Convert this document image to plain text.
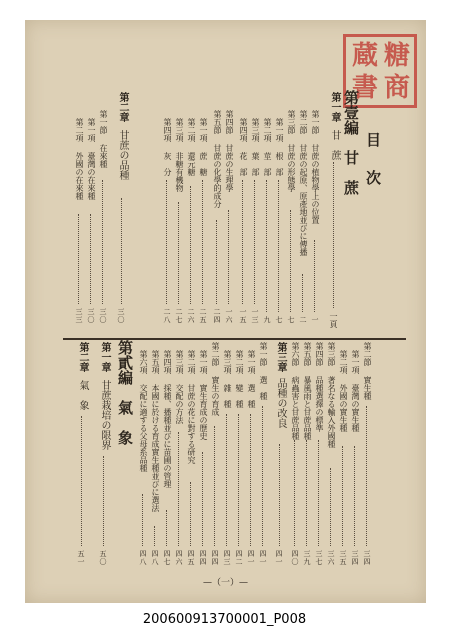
糖
商
蔵
書
目　次
第壹編　甘　蔗
第一章
甘　蔗
一頁
第一節
甘蔗の植物學上の位置
一
第二節
甘蔗の起原、原產地並びに傳播
二
第三節
甘蔗の形態學
七
第一項
根　部
七
第二項
莖　部
九
第三項
葉　部
一三
第四項
花　部
一五
第四節
甘蔗の生理學
一六
第五節
甘蔗の化學的成分
二四
第一項
蔗　糖
二五
第二項
還元糖
二六
第三項
非糖有機物
二七
第四項
灰　分
二八
第二章
甘蔗の品種
三〇
第一節
在來種
三〇
第一項
臺灣の在來種
三〇
第二項
外國の在來種
三三
第二節
實生種
三四
第一項
臺灣の實生種
三四
第二項
外國の實生種
三五
第三節
著名なる輸入外國種
三六
第四節
品種選擇の標準
三七
第五節
暴風雨と甘蔗品種
三九
第六節
病蟲害と甘蔗品種
四〇
第三章
品種の改良
四一
第一節
選　種
四一
第一項
選　種
四一
第二項
變　種
四二
第三項
雜　種
四三
第二節
實生の育成
四四
第一項
實生育成の歷史
四四
第二項
甘蔗の花に對する研究
四五
第三項
交配の方法
四六
第四項
採種、播種並びに苗圃の管理
四七
第五項
本國に於ける育成實生種並びに選法
四八
第六項
交配に適する父母系品種
四八
第貳編　氣　象
第一章
甘蔗栽培の限界
五〇
第二章
氣　象
五一
—（一）—
200600913700001_P008
